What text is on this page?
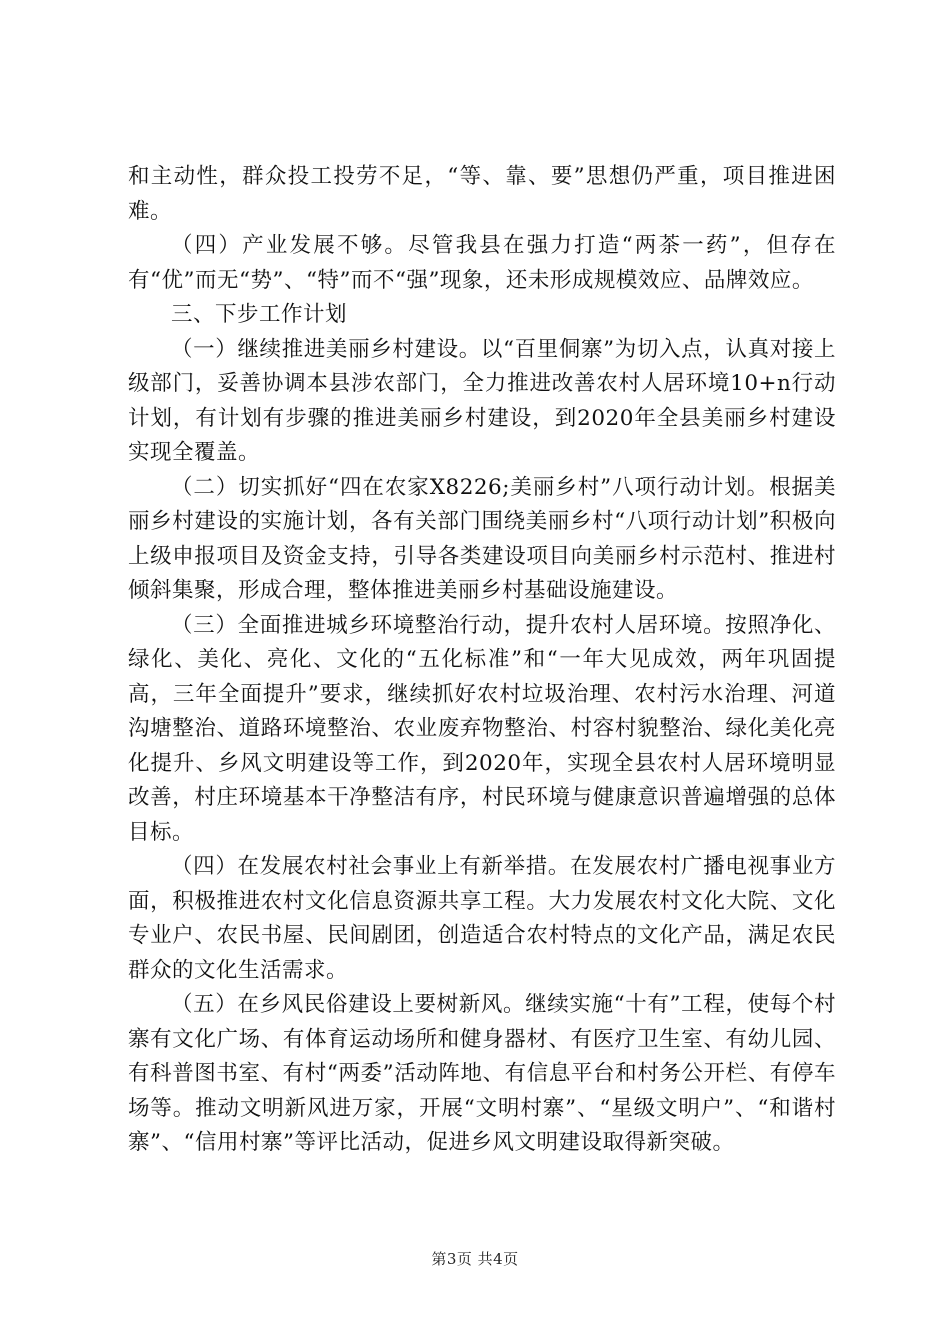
和主动性，群众投工投劳不足，“等、靠、要”思想仍严重，项目推进困难。

（四）产业发展不够。尽管我县在强力打造“两茶一药”，但存在有“优”而无“势”、“特”而不“强”现象，还未形成规模效应、品牌效应。

三、下步工作计划

（一）继续推进美丽乡村建设。以“百里侗寨”为切入点，认真对接上级部门，妥善协调本县涉农部门，全力推进改善农村人居环境10+n行动计划，有计划有步骤的推进美丽乡村建设，到2020年全县美丽乡村建设实现全覆盖。

（二）切实抓好“四在农家X8226;美丽乡村”八项行动计划。根据美丽乡村建设的实施计划，各有关部门围绕美丽乡村“八项行动计划”积极向上级申报项目及资金支持，引导各类建设项目向美丽乡村示范村、推进村倾斜集聚，形成合理，整体推进美丽乡村基础设施建设。

（三）全面推进城乡环境整治行动，提升农村人居环境。按照净化、绿化、美化、亮化、文化的“五化标准”和“一年大见成效，两年巩固提高，三年全面提升”要求，继续抓好农村垃圾治理、农村污水治理、河道沟塘整治、道路环境整治、农业废弃物整治、村容村貌整治、绿化美化亮化提升、乡风文明建设等工作，到2020年，实现全县农村人居环境明显改善，村庄环境基本干净整洁有序，村民环境与健康意识普遍增强的总体目标。

（四）在发展农村社会事业上有新举措。在发展农村广播电视事业方面，积极推进农村文化信息资源共享工程。大力发展农村文化大院、文化专业户、农民书屋、民间剧团，创造适合农村特点的文化产品，满足农民群众的文化生活需求。

（五）在乡风民俗建设上要树新风。继续实施“十有”工程，使每个村寨有文化广场、有体育运动场所和健身器材、有医疗卫生室、有幼儿园、有科普图书室、有村“两委”活动阵地、有信息平台和村务公开栏、有停车场等。推动文明新风进万家，开展“文明村寨”、“星级文明户”、“和谐村寨”、“信用村寨”等评比活动，促进乡风文明建设取得新突破。

第3页 共4页
